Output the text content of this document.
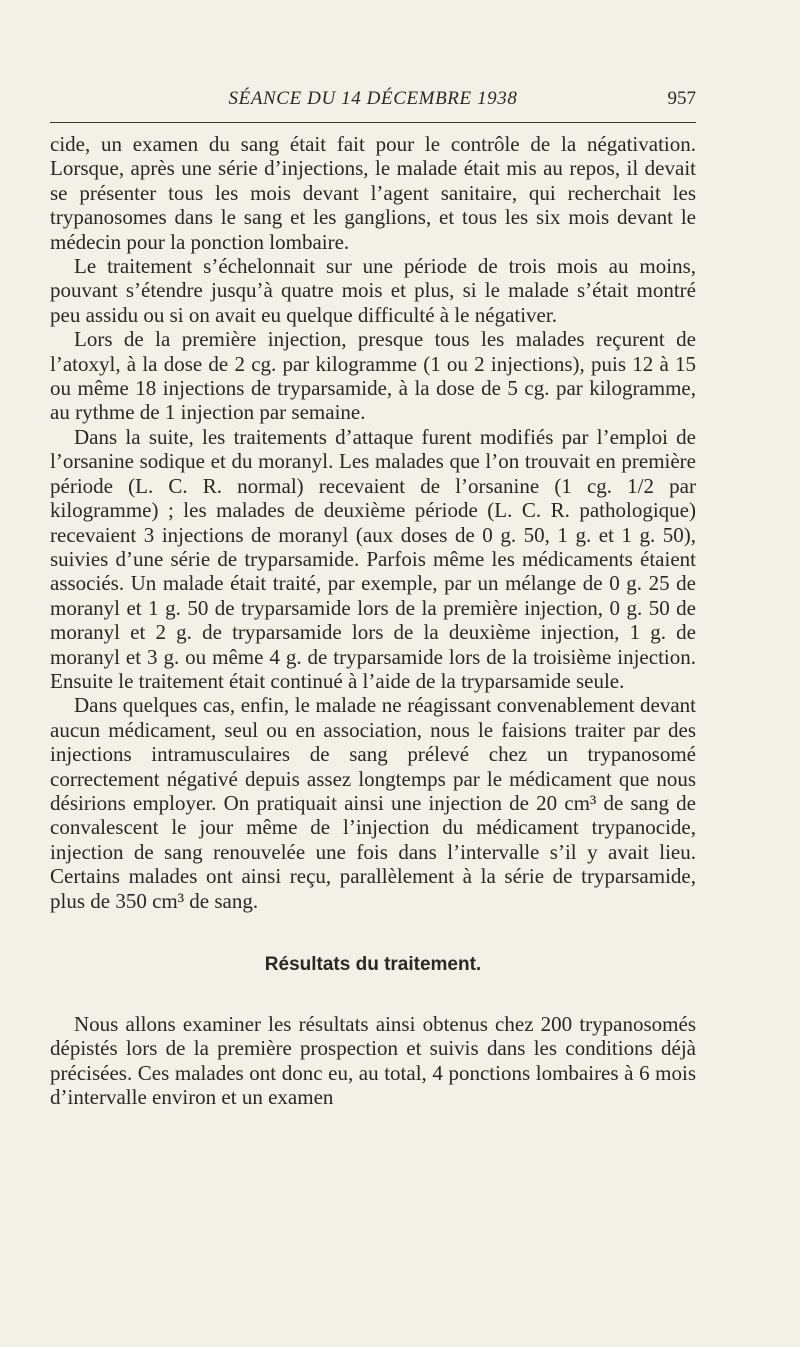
SÉANCE DU 14 DÉCEMBRE 1938	957

cide, un examen du sang était fait pour le contrôle de la négativation. Lorsque, après une série d’injections, le malade était mis au repos, il devait se présenter tous les mois devant l’agent sanitaire, qui recherchait les trypanosomes dans le sang et les ganglions, et tous les six mois devant le médecin pour la ponction lombaire.

Le traitement s’échelonnait sur une période de trois mois au moins, pouvant s’étendre jusqu’à quatre mois et plus, si le malade s’était montré peu assidu ou si on avait eu quelque difficulté à le négativer.

Lors de la première injection, presque tous les malades reçurent de l’atoxyl, à la dose de 2 cg. par kilogramme (1 ou 2 injections), puis 12 à 15 ou même 18 injections de tryparsamide, à la dose de 5 cg. par kilogramme, au rythme de 1 injection par semaine.

Dans la suite, les traitements d’attaque furent modifiés par l’emploi de l’orsanine sodique et du moranyl. Les malades que l’on trouvait en première période (L. C. R. normal) recevaient de l’orsanine (1 cg. 1/2 par kilogramme) ; les malades de deuxième période (L. C. R. pathologique) recevaient 3 injections de moranyl (aux doses de 0 g. 50, 1 g. et 1 g. 50), suivies d’une série de tryparsamide. Parfois même les médicaments étaient associés. Un malade était traité, par exemple, par un mélange de 0 g. 25 de moranyl et 1 g. 50 de tryparsamide lors de la première injection, 0 g. 50 de moranyl et 2 g. de tryparsamide lors de la deuxième injection, 1 g. de moranyl et 3 g. ou même 4 g. de tryparsamide lors de la troisième injection. Ensuite le traitement était continué à l’aide de la tryparsamide seule.

Dans quelques cas, enfin, le malade ne réagissant convenablement devant aucun médicament, seul ou en association, nous le faisions traiter par des injections intramusculaires de sang prélevé chez un trypanosomé correctement négativé depuis assez longtemps par le médicament que nous désirions employer. On pratiquait ainsi une injection de 20 cm³ de sang de convalescent le jour même de l’injection du médicament trypanocide, injection de sang renouvelée une fois dans l’intervalle s’il y avait lieu. Certains malades ont ainsi reçu, parallèlement à la série de tryparsamide, plus de 350 cm³ de sang.

Résultats du traitement.

Nous allons examiner les résultats ainsi obtenus chez 200 trypanosomés dépistés lors de la première prospection et suivis dans les conditions déjà précisées. Ces malades ont donc eu, au total, 4 ponctions lombaires à 6 mois d’intervalle environ et un examen
